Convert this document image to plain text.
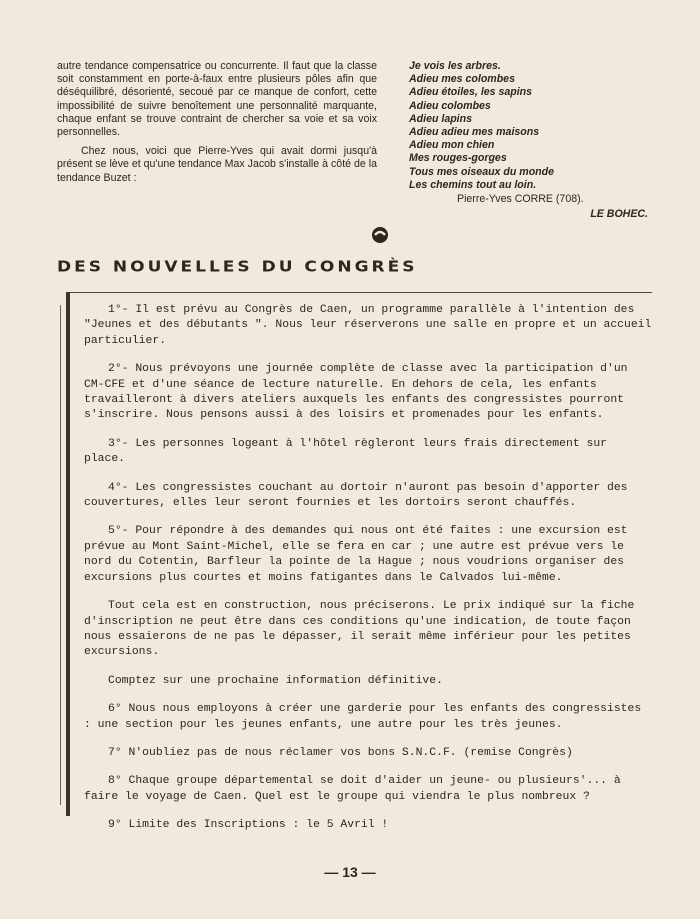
autre tendance compensatrice ou concurrente. Il faut que la classe soit constamment en porte-à-faux entre plusieurs pôles afin que déséquilibré, désorienté, secoué par ce manque de confort, cette impossibilité de suivre benoîtement une personnalité marquante, chaque enfant se trouve contraint de chercher sa voie et sa voix personnelles.

Chez nous, voici que Pierre-Yves qui avait dormi jusqu'à présent se lève et qu'une tendance Max Jacob s'installe à côté de la tendance Buzet :

Je vois les arbres.
Adieu mes colombes
Adieu étoiles, les sapins
Adieu colombes
Adieu lapins
Adieu adieu mes maisons
Adieu mon chien
Mes rouges-gorges
Tous mes oiseaux du monde
Les chemins tout au loin.
Pierre-Yves CORRE (708).
LE BOHEC.
DES NOUVELLES DU CONGRÈS

1°- Il est prévu au Congrès de Caen, un programme parallèle à l'intention des "Jeunes et des débutants ". Nous leur réserverons une salle en propre et un accueil particulier.

2°- Nous prévoyons une journée complète de classe avec la participation d'un CM-CFE et d'une séance de lecture naturelle. En dehors de cela, les enfants travailleront à divers ateliers auxquels les enfants des congressistes pourront s'inscrire. Nous pensons aussi à des loisirs et promenades pour les enfants.

3°- Les personnes logeant à l'hôtel règleront leurs frais directement sur place.

4°- Les congressistes couchant au dortoir n'auront pas besoin d'apporter des couvertures, elles leur seront fournies et les dortoirs seront chauffés.

5°- Pour répondre à des demandes qui nous ont été faites : une excursion est prévue au Mont Saint-Michel, elle se fera en car ; une autre est prévue vers le nord du Cotentin, Barfleur la pointe de la Hague ; nous voudrions organiser des excursions plus courtes et moins fatigantes dans le Calvados lui-même.

Tout cela est en construction, nous préciserons. Le prix indiqué sur la fiche d'inscription ne peut être dans ces conditions qu'une indication, de toute façon nous essaierons de ne pas le dépasser, il serait même inférieur pour les petites excursions.

Comptez sur une prochaine information définitive.

6° Nous nous employons à créer une garderie pour les enfants des congressistes : une section pour les jeunes enfants, une autre pour les très jeunes.

7° N'oubliez pas de nous réclamer vos bons S.N.C.F. (remise Congrès)

8° Chaque groupe départemental se doit d'aider un jeune- ou plusieurs'... à faire le voyage de Caen. Quel est le groupe qui viendra le plus nombreux ?

9° Limite des Inscriptions : le 5 Avril !

— 13 —
